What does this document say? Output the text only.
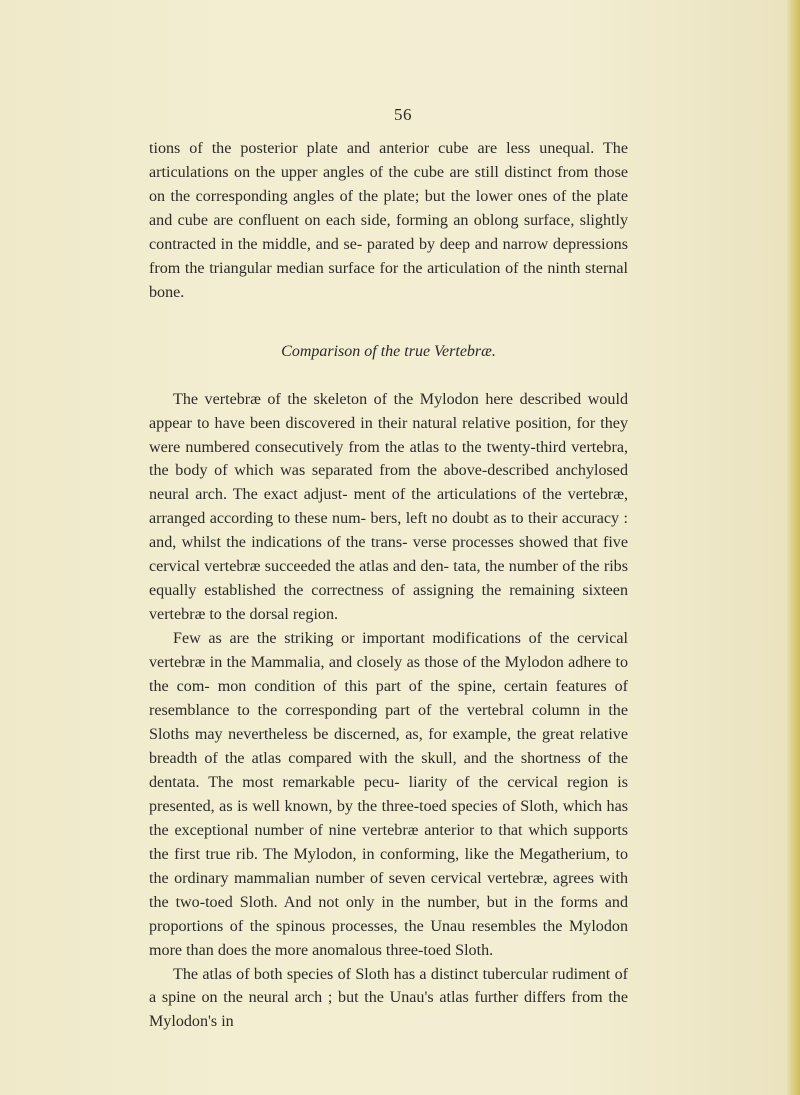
56

tions of the posterior plate and anterior cube are less unequal. The articulations on the upper angles of the cube are still distinct from those on the corresponding angles of the plate; but the lower ones of the plate and cube are confluent on each side, forming an oblong surface, slightly contracted in the middle, and se- parated by deep and narrow depressions from the triangular median surface for the articulation of the ninth sternal bone.

Comparison of the true Vertebræ.

The vertebræ of the skeleton of the Mylodon here described would appear to have been discovered in their natural relative position, for they were numbered consecutively from the atlas to the twenty-third vertebra, the body of which was separated from the above-described anchylosed neural arch. The exact adjust- ment of the articulations of the vertebræ, arranged according to these num- bers, left no doubt as to their accuracy : and, whilst the indications of the trans- verse processes showed that five cervical vertebræ succeeded the atlas and den- tata, the number of the ribs equally established the correctness of assigning the remaining sixteen vertebræ to the dorsal region.

Few as are the striking or important modifications of the cervical vertebræ in the Mammalia, and closely as those of the Mylodon adhere to the com- mon condition of this part of the spine, certain features of resemblance to the corresponding part of the vertebral column in the Sloths may nevertheless be discerned, as, for example, the great relative breadth of the atlas compared with the skull, and the shortness of the dentata. The most remarkable pecu- liarity of the cervical region is presented, as is well known, by the three-toed species of Sloth, which has the exceptional number of nine vertebræ anterior to that which supports the first true rib. The Mylodon, in conforming, like the Megatherium, to the ordinary mammalian number of seven cervical vertebræ, agrees with the two-toed Sloth. And not only in the number, but in the forms and proportions of the spinous processes, the Unau resembles the Mylodon more than does the more anomalous three-toed Sloth.

The atlas of both species of Sloth has a distinct tubercular rudiment of a spine on the neural arch ; but the Unau's atlas further differs from the Mylodon's in
